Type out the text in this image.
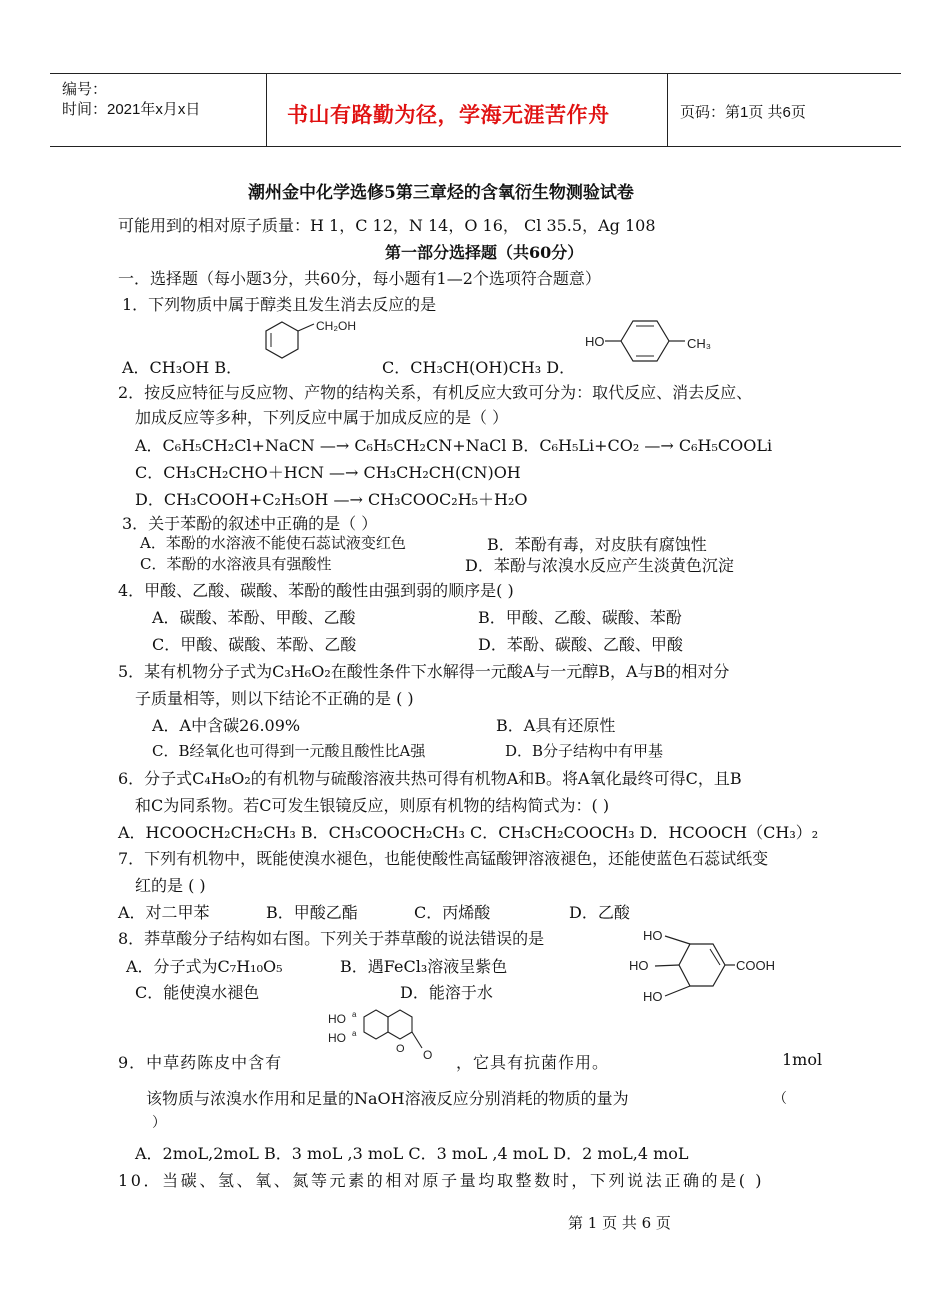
编号：
时间：2021年x月x日	书山有路勤为径，学海无涯苦作舟	页码：第1页 共6页
潮州金中化学选修5第三章烃的含氧衍生物测验试卷
可能用到的相对原子质量：H 1，C 12，N 14，O 16， Cl 35.5，Ag 108
第一部分选择题（共60分）
一．选择题（每小题3分，共60分，每小题有1—2个选项符合题意）
1．下列物质中属于醇类且发生消去反应的是
CH₂OH
A．CH₃OH B．	C．CH₃CH(OH)CH₃ D．
HO	CH₃
2．按反应特征与反应物、产物的结构关系，有机反应大致可分为：取代反应、消去反应、
加成反应等多种，下列反应中属于加成反应的是（ ）
A．C₆H₅CH₂Cl+NaCN —→ C₆H₅CH₂CN+NaCl B．C₆H₅Li+CO₂ —→ C₆H₅COOLi
C．CH₃CH₂CHO＋HCN —→ CH₃CH₂CH(CN)OH
D．CH₃COOH+C₂H₅OH —→ CH₃COOC₂H₅＋H₂O
3．关于苯酚的叙述中正确的是（ ）
A．苯酚的水溶液不能使石蕊试液变红色	B．苯酚有毒，对皮肤有腐蚀性
C．苯酚的水溶液具有强酸性	D．苯酚与浓溴水反应产生淡黄色沉淀
4．甲酸、乙酸、碳酸、苯酚的酸性由强到弱的顺序是( )
A．碳酸、苯酚、甲酸、乙酸	B．甲酸、乙酸、碳酸、苯酚
C．甲酸、碳酸、苯酚、乙酸	D．苯酚、碳酸、乙酸、甲酸
5．某有机物分子式为C₃H₆O₂在酸性条件下水解得一元酸A与一元醇B，A与B的相对分
子质量相等，则以下结论不正确的是 ( )
A．A中含碳26.09%	B．A具有还原性
C．B经氧化也可得到一元酸且酸性比A强	D．B分子结构中有甲基
6．分子式C₄H₈O₂的有机物与硫酸溶液共热可得有机物A和B。将A氧化最终可得C，且B
和C为同系物。若C可发生银镜反应，则原有机物的结构简式为：( )
A．HCOOCH₂CH₂CH₃ B．CH₃COOCH₂CH₃ C．CH₃CH₂COOCH₃ D．HCOOCH（CH₃）₂
7．下列有机物中，既能使溴水褪色，也能使酸性高锰酸钾溶液褪色，还能使蓝色石蕊试纸变
红的是 ( )
A．对二甲苯	B．甲酸乙酯	C．丙烯酸	D．乙酸
8．莽草酸分子结构如右图。下列关于莽草酸的说法错误的是
A．分子式为C₇H₁₀O₅	B．遇FeCl₃溶液呈紫色
C．能使溴水褪色	D．能溶于水
HO
HO
HO
COOH
HO a
HO a
O O
9．中草药陈皮中含有	，它具有抗菌作用。	1mol
该物质与浓溴水作用和足量的NaOH溶液反应分别消耗的物质的量为	（
）
A．2moL,2moL B．3 moL ,3 moL C．3 moL ,4 moL D．2 moL,4 moL
10．当碳、氢、氧、氮等元素的相对原子量均取整数时，下列说法正确的是( )
第 1 页 共 6 页
